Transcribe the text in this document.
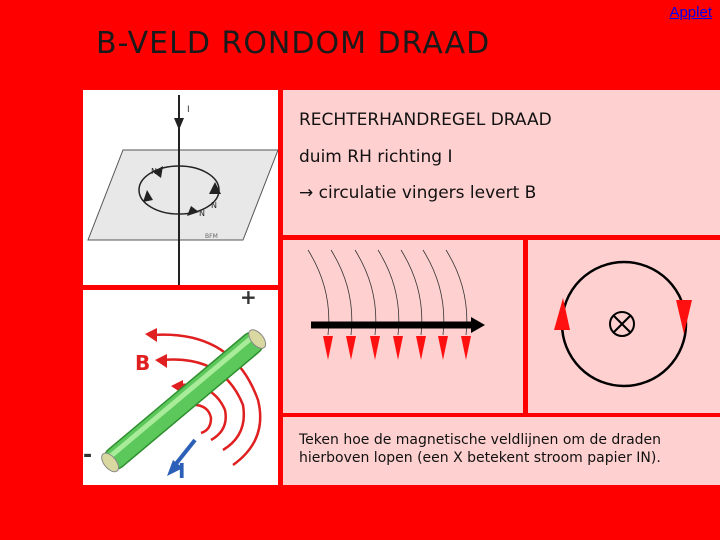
B-VELD RONDOM DRAAD
Applet
I
N
N
N
BFM
+
-
B
I
RECHTERHANDREGEL DRAAD
duim RH richting I
→ circulatie vingers levert B
Teken hoe de magnetische veldlijnen om de draden hierboven lopen (een X betekent stroom papier IN).
